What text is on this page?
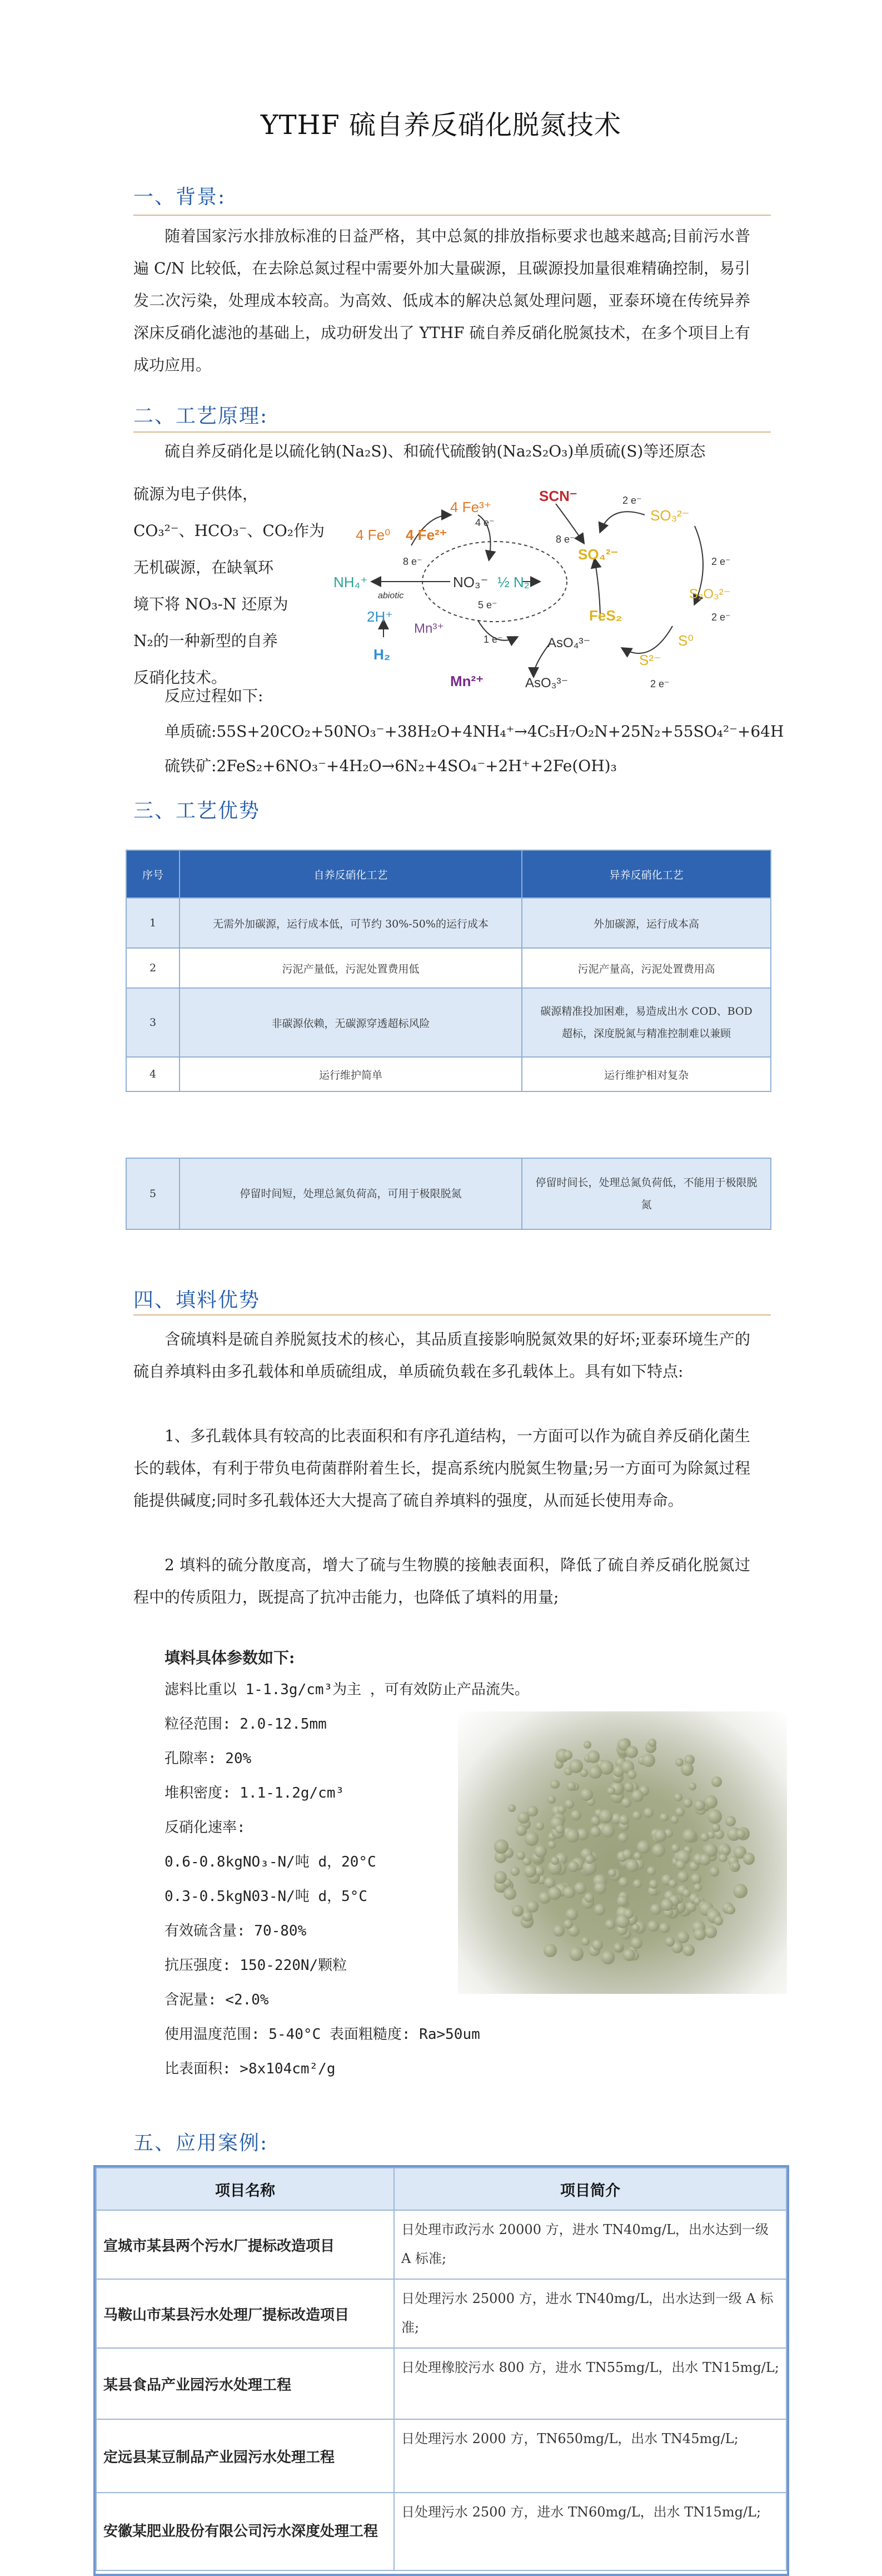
YTHF 硫自养反硝化脱氮技术
一、背景:
随着国家污水排放标准的日益严格，其中总氮的排放指标要求也越来越高;目前污水普遍 C/N 比较低，在去除总氮过程中需要外加大量碳源，且碳源投加量很难精确控制，易引发二次污染，处理成本较高。为高效、低成本的解决总氮处理问题，亚泰环境在传统异养深床反硝化滤池的基础上，成功研发出了 YTHF 硫自养反硝化脱氮技术，在多个项目上有成功应用。
二、工艺原理:
硫自养反硝化是以硫化钠(Na₂S)、和硫代硫酸钠(Na₂S₂O₃)单质硫(S)等还原态
硫源为电子供体，
CO₃²⁻、HCO₃⁻、CO₂作为
无机碳源，在缺氧环
境下将 NO₃-N 还原为
N₂的一种新型的自养
反硝化技术。
4 Fe⁰ 4 Fe²⁺
4 Fe³⁺
SCN⁻
SO₃²⁻
SO₄²⁻
S₂O₃²⁻
FeS₂
S²⁻
S⁰
NH₄⁺	NO₃⁻ ½ N₂
abiotic
2H⁺
H₂
Mn³⁺
Mn²⁺
AsO₄³⁻
AsO₃³⁻
8 e⁻
4 e⁻
5 e⁻
1 e⁻
8 e⁻
2 e⁻
2 e⁻
2 e⁻
2 e⁻
反应过程如下:
单质硫:55S+20CO₂+50NO₃⁻+38H₂O+4NH₄⁺→4C₅H₇O₂N+25N₂+55SO₄²⁻+64H
硫铁矿:2FeS₂+6NO₃⁻+4H₂O→6N₂+4SO₄⁻+2H⁺+2Fe(OH)₃
三、工艺优势
序号	自养反硝化工艺	异养反硝化工艺
1	无需外加碳源，运行成本低，可节约 30%-50%的运行成本	外加碳源，运行成本高
2	污泥产量低，污泥处置费用低	污泥产量高，污泥处置费用高
3	非碳源依赖，无碳源穿透超标风险	碳源精准投加困难，易造成出水 COD、BOD 超标，深度脱氮与精准控制难以兼顾
4	运行维护简单	运行维护相对复杂
5	停留时间短，处理总氮负荷高，可用于极限脱氮	停留时间长，处理总氮负荷低，不能用于极限脱氮
四、填料优势
含硫填料是硫自养脱氮技术的核心，其品质直接影响脱氮效果的好坏;亚泰环境生产的硫自养填料由多孔载体和单质硫组成，单质硫负载在多孔载体上。具有如下特点:
1、多孔载体具有较高的比表面积和有序孔道结构，一方面可以作为硫自养反硝化菌生长的载体，有利于带负电荷菌群附着生长，提高系统内脱氮生物量;另一方面可为除氮过程能提供碱度;同时多孔载体还大大提高了硫自养填料的强度，从而延长使用寿命。
2 填料的硫分散度高，增大了硫与生物膜的接触表面积，降低了硫自养反硝化脱氮过程中的传质阻力，既提高了抗冲击能力，也降低了填料的用量;
填料具体参数如下:
滤料比重以 1-1.3g/cm³为主 ，可有效防止产品流失。
粒径范围: 2.0-12.5mm
孔隙率: 20%
堆积密度: 1.1-1.2g/cm³
反硝化速率:
0.6-0.8kgNO₃-N/吨 d，20°C
0.3-0.5kgN03-N/吨 d，5°C
有效硫含量: 70-80%
抗压强度: 150-220N/颗粒
含泥量: <2.0%
使用温度范围: 5-40°C 表面粗糙度: Ra>50um
比表面积: >8x104cm²/g
五、应用案例:
项目名称	项目简介
宣城市某县两个污水厂提标改造项目	日处理市政污水 20000 方，进水 TN40mg/L，出水达到一级 A 标准;
马鞍山市某县污水处理厂提标改造项目	日处理污水 25000 方，进水 TN40mg/L，出水达到一级 A 标准;
某县食品产业园污水处理工程	日处理橡胶污水 800 方，进水 TN55mg/L，出水 TN15mg/L;
定远县某豆制品产业园污水处理工程	日处理污水 2000 方，TN650mg/L，出水 TN45mg/L;
安徽某肥业股份有限公司污水深度处理工程	日处理污水 2500 方，进水 TN60mg/L，出水 TN15mg/L;
